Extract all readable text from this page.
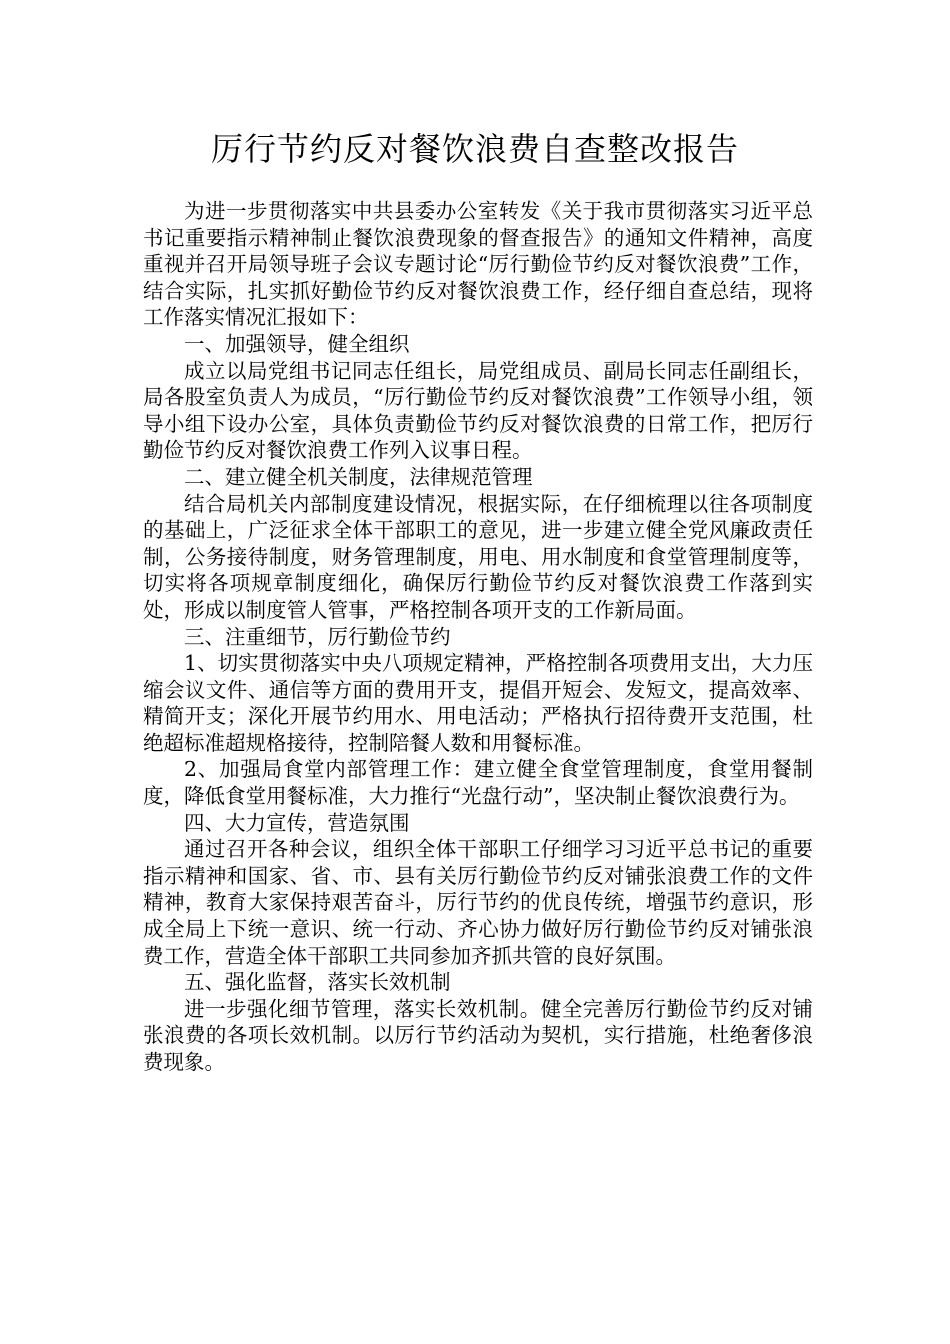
厉行节约反对餐饮浪费自查整改报告

为进一步贯彻落实中共县委办公室转发《关于我市贯彻落实习近平总书记重要指示精神制止餐饮浪费现象的督查报告》的通知文件精神，高度重视并召开局领导班子会议专题讨论“厉行勤俭节约反对餐饮浪费”工作，结合实际，扎实抓好勤俭节约反对餐饮浪费工作，经仔细自查总结，现将工作落实情况汇报如下：

一、加强领导，健全组织

成立以局党组书记同志任组长，局党组成员、副局长同志任副组长，局各股室负责人为成员，“厉行勤俭节约反对餐饮浪费”工作领导小组，领导小组下设办公室，具体负责勤俭节约反对餐饮浪费的日常工作，把厉行勤俭节约反对餐饮浪费工作列入议事日程。

二、建立健全机关制度，法律规范管理

结合局机关内部制度建设情况，根据实际，在仔细梳理以往各项制度的基础上，广泛征求全体干部职工的意见，进一步建立健全党风廉政责任制，公务接待制度，财务管理制度，用电、用水制度和食堂管理制度等，切实将各项规章制度细化，确保厉行勤俭节约反对餐饮浪费工作落到实处，形成以制度管人管事，严格控制各项开支的工作新局面。

三、注重细节，厉行勤俭节约

1、切实贯彻落实中央八项规定精神，严格控制各项费用支出，大力压缩会议文件、通信等方面的费用开支，提倡开短会、发短文，提高效率、精简开支；深化开展节约用水、用电活动；严格执行招待费开支范围，杜绝超标准超规格接待，控制陪餐人数和用餐标准。

2、加强局食堂内部管理工作：建立健全食堂管理制度，食堂用餐制度，降低食堂用餐标准，大力推行“光盘行动”，坚决制止餐饮浪费行为。

四、大力宣传，营造氛围

通过召开各种会议，组织全体干部职工仔细学习习近平总书记的重要指示精神和国家、省、市、县有关厉行勤俭节约反对铺张浪费工作的文件精神，教育大家保持艰苦奋斗，厉行节约的优良传统，增强节约意识，形成全局上下统一意识、统一行动、齐心协力做好厉行勤俭节约反对铺张浪费工作，营造全体干部职工共同参加齐抓共管的良好氛围。

五、强化监督，落实长效机制

进一步强化细节管理，落实长效机制。健全完善厉行勤俭节约反对铺张浪费的各项长效机制。以厉行节约活动为契机，实行措施，杜绝奢侈浪费现象。
